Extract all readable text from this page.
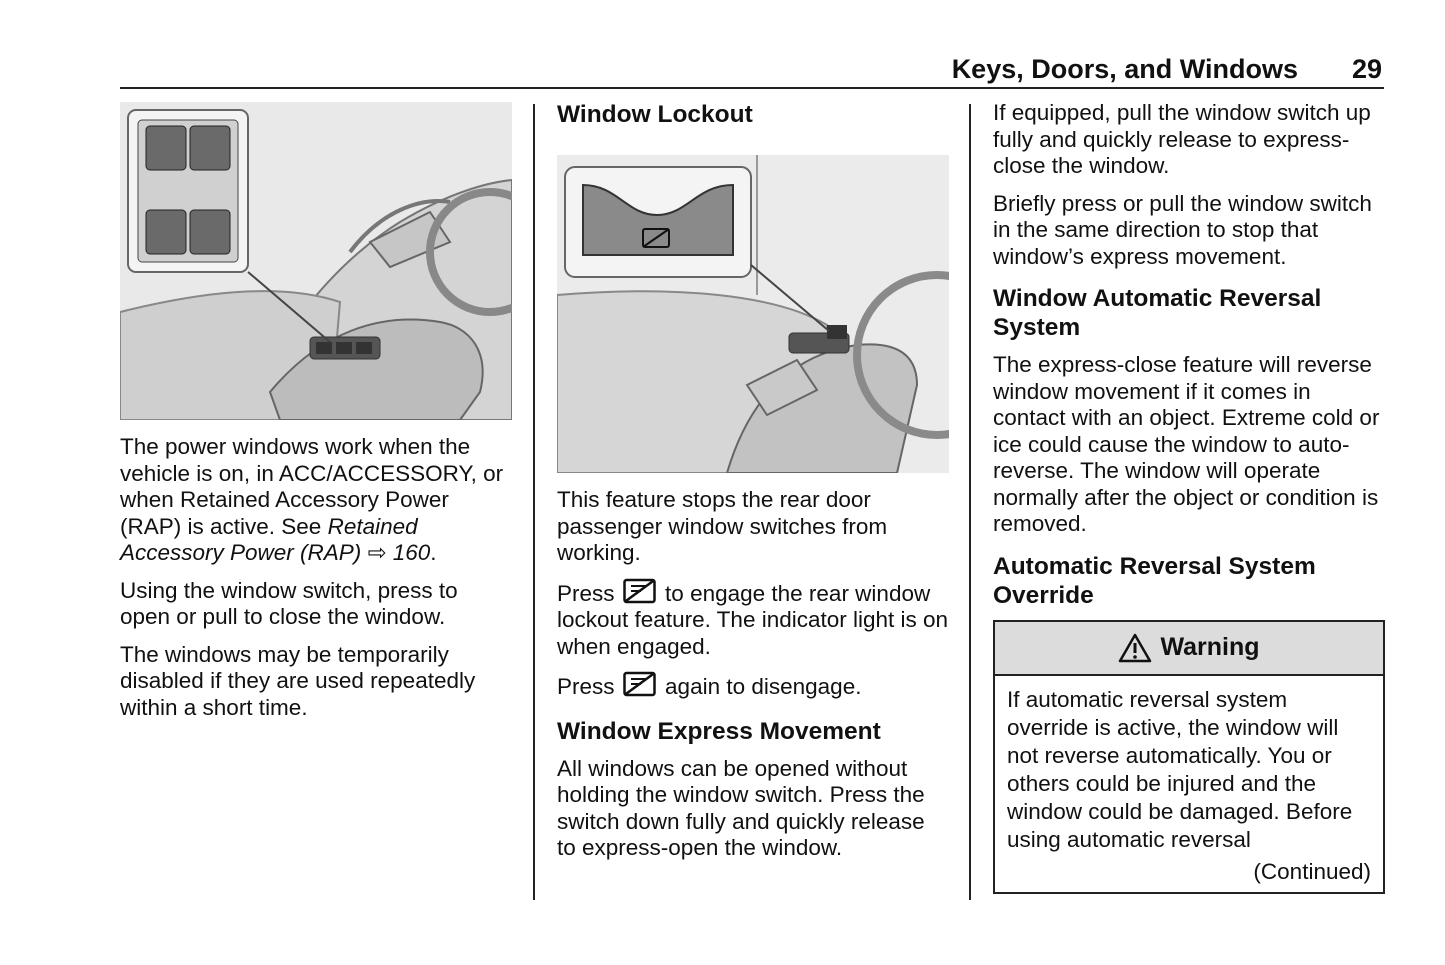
Keys, Doors, and Windows 29

The power windows work when the vehicle is on, in ACC/ACCESSORY, or when Retained Accessory Power (RAP) is active. See Retained Accessory Power (RAP) ⇨ 160.

Using the window switch, press to open or pull to close the window.

The windows may be temporarily disabled if they are used repeatedly within a short time.

Window Lockout

This feature stops the rear door passenger window switches from working.

Press to engage the rear window lockout feature. The indicator light is on when engaged.

Press again to disengage.

Window Express Movement

All windows can be opened without holding the window switch. Press the switch down fully and quickly release to express-open the window.

If equipped, pull the window switch up fully and quickly release to express-close the window.

Briefly press or pull the window switch in the same direction to stop that window’s express movement.

Window Automatic Reversal System

The express-close feature will reverse window movement if it comes in contact with an object. Extreme cold or ice could cause the window to auto-reverse. The window will operate normally after the object or condition is removed.

Automatic Reversal System Override
Warning
If automatic reversal system override is active, the window will not reverse automatically. You or others could be injured and the window could be damaged. Before using automatic reversal
(Continued)
